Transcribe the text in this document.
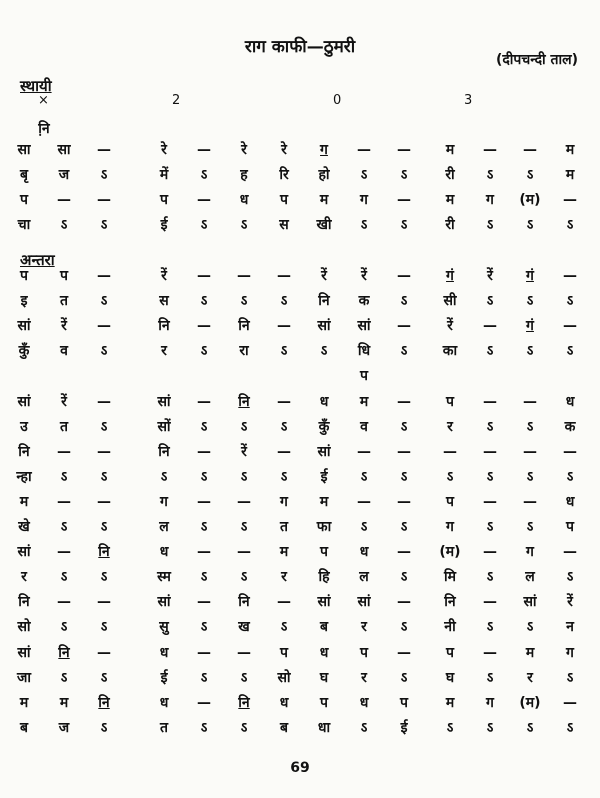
राग काफी—ठुमरी
(दीपचन्दी ताल)
स्थायी
अन्तरा
×	2	0	3
नि़
सा	सा	—	रे	—	रे	रे	ग	—	—	म	—	—	म
बृ	ज	ऽ	में	ऽ	ह	रि	हो	ऽ	ऽ	री	ऽ	ऽ	म
प	—	—	प	—	ध	प	म	ग	—	म	ग	(म)	—
चा	ऽ	ऽ	ई	ऽ	ऽ	स	खी	ऽ	ऽ	री	ऽ	ऽ	ऽ
प	प	—	रें	—	—	—	रें	रें	—	गं	रें	गं	—
इ	त	ऽ	स	ऽ	ऽ	ऽ	नि	क	ऽ	सी	ऽ	ऽ	ऽ
सां	रें	—	नि	—	नि	—	सां	सां	—	रें	—	गं	—
कुँ	व	ऽ	र	ऽ	रा	ऽ	ऽ	धि	ऽ	का	ऽ	ऽ	ऽ
प
सां	रें	—	सां	—	नि	—	ध	म	—	प	—	—	ध
उ	त	ऽ	सों	ऽ	ऽ	ऽ	कुँ	व	ऽ	र	ऽ	ऽ	क
नि	—	—	नि	—	रें	—	सां	—	—	—	—	—	—
न्हा	ऽ	ऽ	ऽ	ऽ	ऽ	ऽ	ई	ऽ	ऽ	ऽ	ऽ	ऽ	ऽ
म	—	—	ग	—	—	ग	म	—	—	प	—	—	ध
खे	ऽ	ऽ	ल	ऽ	ऽ	त	फा	ऽ	ऽ	ग	ऽ	ऽ	प
सां	—	नि	ध	—	—	म	प	ध	—	(म)	—	ग	—
र	ऽ	ऽ	स्म	ऽ	ऽ	र	हि	ल	ऽ	मि	ऽ	ल	ऽ
नि	—	—	सां	—	नि	—	सां	सां	—	नि	—	सां	रें
सो	ऽ	ऽ	सु	ऽ	ख	ऽ	ब	र	ऽ	नी	ऽ	ऽ	न
सां	नि	—	ध	—	—	प	ध	प	—	प	—	म	ग
जा	ऽ	ऽ	ई	ऽ	ऽ	सो	घ	र	ऽ	घ	ऽ	र	ऽ
म	म	नि	ध	—	नि	ध	प	ध	प	म	ग	(म)	—
ब	ज	ऽ	त	ऽ	ऽ	ब	धा	ऽ	ई	ऽ	ऽ	ऽ	ऽ
69
